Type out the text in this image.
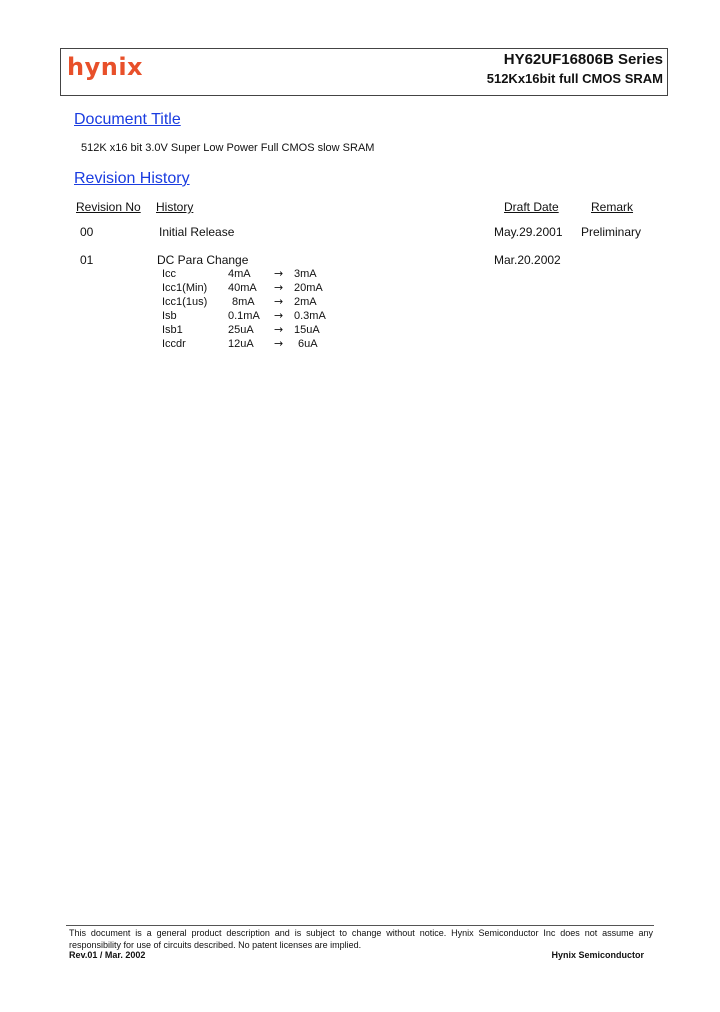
hynix	HY62UF16806B Series
512Kx16bit full CMOS SRAM
Document Title
512K x16 bit 3.0V Super Low Power Full CMOS slow SRAM
Revision History
Revision No History	Draft Date	Remark
00	Initial Release	May.29.2001 Preliminary
01	DC Para Change	Mar.20.2002
Icc	4mA	→	3mA
Icc1(Min)	40mA	→	20mA
Icc1(1us)	8mA	→	2mA
Isb	0.1mA	→	0.3mA
Isb1	25uA	→	15uA
Iccdr	12uA	→	6uA
This document is a general product description and is subject to change without notice. Hynix Semiconductor Inc does not assume any responsibility for use of circuits described. No patent licenses are implied.
Rev.01 / Mar. 2002	Hynix Semiconductor
